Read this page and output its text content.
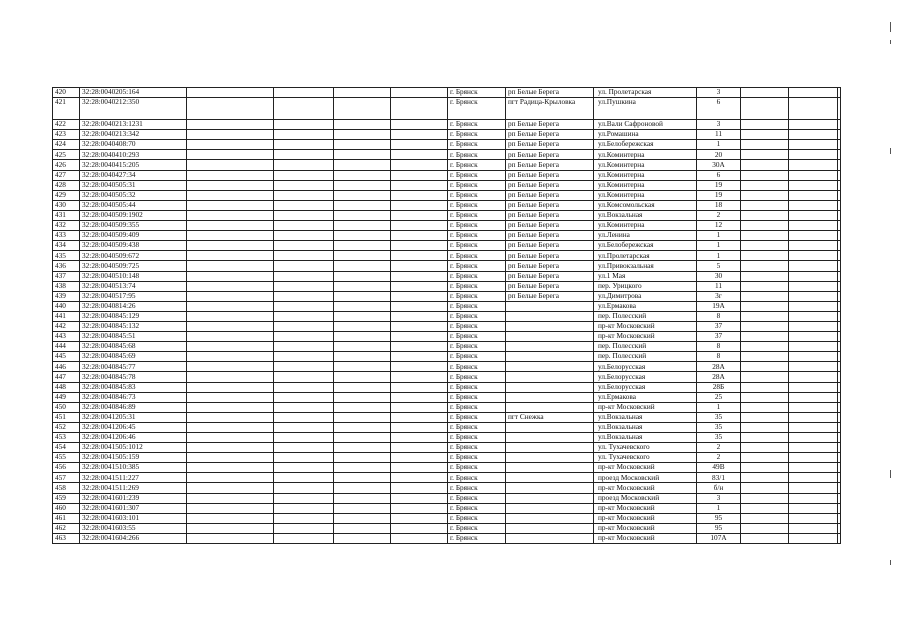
420	32:28:0040205:164					г. Брянск	рп Белые Берега	ул. Пролетарская	3			
421	32:28:0040212:350					г. Брянск	пгт Радица-Крыловка	ул.Пушкина	6			
422	32:28:0040213:1231					г. Брянск	рп Белые Берега	ул.Вали Сафроновой	3			
423	32:28:0040213:342					г. Брянск	рп Белые Берега	ул.Ромашина	11			
424	32:28:0040408:70					г. Брянск	рп Белые Берега	ул.Белобережская	1			
425	32:28:0040410:293					г. Брянск	рп Белые Берега	ул.Коминтерна	20			
426	32:28:0040415:205					г. Брянск	рп Белые Берега	ул.Коминтерна	30А			
427	32:28:0040427:34					г. Брянск	рп Белые Берега	ул.Коминтерна	6			
428	32:28:0040505:31					г. Брянск	рп Белые Берега	ул.Коминтерна	19			
429	32:28:0040505:32					г. Брянск	рп Белые Берега	ул.Коминтерна	19			
430	32:28:0040505:44					г. Брянск	рп Белые Берега	ул.Комсомольская	18			
431	32:28:0040509:1902					г. Брянск	рп Белые Берега	ул.Вокзальная	2			
432	32:28:0040509:355					г. Брянск	рп Белые Берега	ул.Коминтерна	12			
433	32:28:0040509:409					г. Брянск	рп Белые Берега	ул.Ленина	1			
434	32:28:0040509:438					г. Брянск	рп Белые Берега	ул.Белобережская	1			
435	32:28:0040509:672					г. Брянск	рп Белые Берега	ул.Пролетарская	1			
436	32:28:0040509:725					г. Брянск	рп Белые Берега	ул.Привокзальная	5			
437	32:28:0040510:148					г. Брянск	рп Белые Берега	ул.1 Мая	30			
438	32:28:0040513:74					г. Брянск	рп Белые Берега	пер. Урицкого	11			
439	32:28:0040517:95					г. Брянск	рп Белые Берега	ул.Димитрова	3г			
440	32:28:0040814:26					г. Брянск		ул.Ермакова	19А			
441	32:28:0040845:129					г. Брянск		пер. Полесский	8			
442	32:28:0040845:132					г. Брянск		пр-кт Московский	37			
443	32:28:0040845:51					г. Брянск		пр-кт Московский	37			
444	32:28:0040845:68					г. Брянск		пер. Полесский	8			
445	32:28:0040845:69					г. Брянск		пер. Полесский	8			
446	32:28:0040845:77					г. Брянск		ул.Белорусская	28А			
447	32:28:0040845:78					г. Брянск		ул.Белорусская	28А			
448	32:28:0040845:83					г. Брянск		ул.Белорусская	28Б			
449	32:28:0040846:73					г. Брянск		ул.Ермакова	25			
450	32:28:0040846:89					г. Брянск		пр-кт Московский	1			
451	32:28:0041205:31					г. Брянск	пгт Снежка	ул.Вокзальная	35			
452	32:28:0041206:45					г. Брянск		ул.Вокзальная	35			
453	32:28:0041206:46					г. Брянск		ул.Вокзальная	35			
454	32:28:0041505:1012					г. Брянск		ул. Тухачевского	2			
455	32:28:0041505:159					г. Брянск		ул. Тухачевского	2			
456	32:28:0041510:385					г. Брянск		пр-кт Московский	49В			
457	32:28:0041511:227					г. Брянск		проезд Московский	83/1			
458	32:28:0041511:269					г. Брянск		пр-кт Московский	б/н			
459	32:28:0041601:239					г. Брянск		проезд Московский	3			
460	32:28:0041601:307					г. Брянск		пр-кт Московский	1			
461	32:28:0041603:101					г. Брянск		пр-кт Московский	95			
462	32:28:0041603:55					г. Брянск		пр-кт Московский	95			
463	32:28:0041604:266					г. Брянск		пр-кт Московский	107А			
